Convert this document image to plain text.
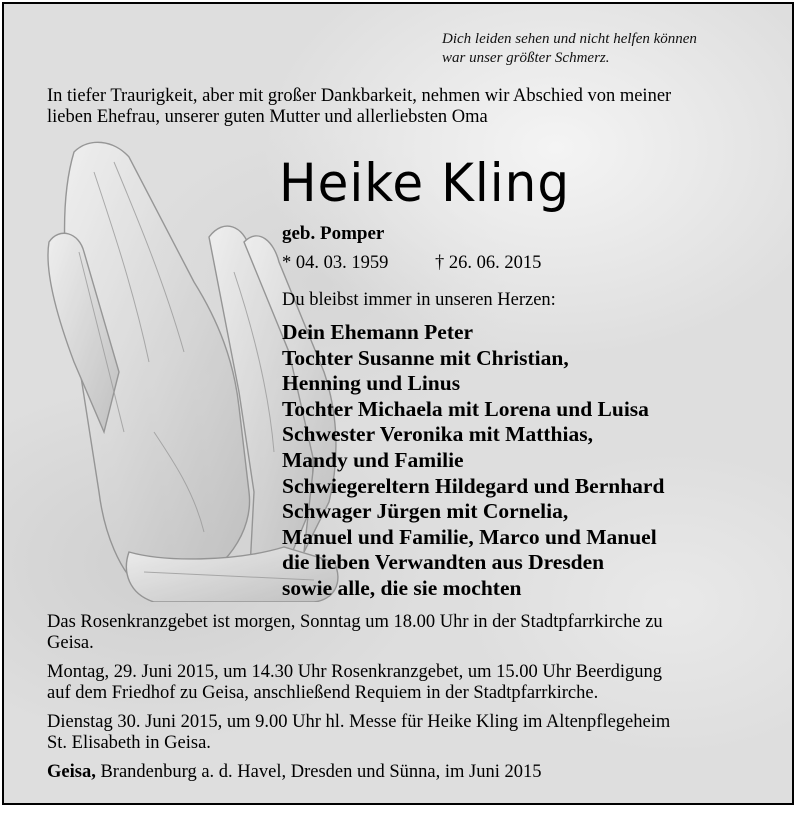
Dich leiden sehen und nicht helfen können
war unser größter Schmerz.
In tiefer Traurigkeit, aber mit großer Dankbarkeit, nehmen wir Abschied von meiner
lieben Ehefrau, unserer guten Mutter und allerliebsten Oma
Heike Kling
geb. Pomper
* 04. 03. 1959	† 26. 06. 2015
Du bleibst immer in unseren Herzen:
Dein Ehemann Peter
Tochter Susanne mit Christian,
Henning und Linus
Tochter Michaela mit Lorena und Luisa
Schwester Veronika mit Matthias,
Mandy und Familie
Schwiegereltern Hildegard und Bernhard
Schwager Jürgen mit Cornelia,
Manuel und Familie, Marco und Manuel
die lieben Verwandten aus Dresden
sowie alle, die sie mochten
Das Rosenkranzgebet ist morgen, Sonntag um 18.00 Uhr in der Stadtpfarrkirche zu
Geisa.
Montag, 29. Juni 2015, um 14.30 Uhr Rosenkranzgebet, um 15.00 Uhr Beerdigung
auf dem Friedhof zu Geisa, anschließend Requiem in der Stadtpfarrkirche.
Dienstag 30. Juni 2015, um 9.00 Uhr hl. Messe für Heike Kling im Altenpflegeheim
St. Elisabeth in Geisa.
Geisa, Brandenburg a. d. Havel, Dresden und Sünna, im Juni 2015
